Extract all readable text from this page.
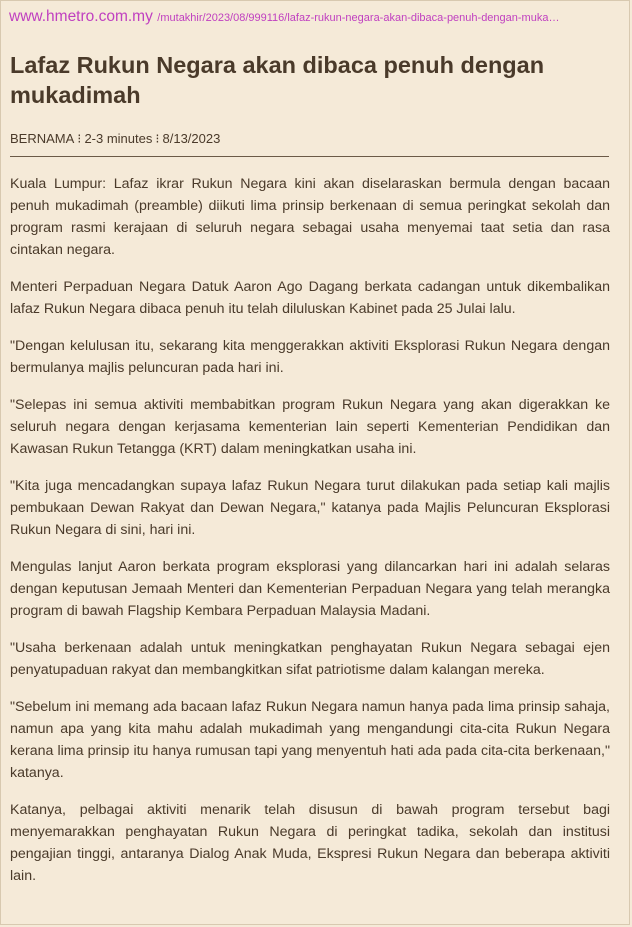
www.hmetro.com.my /mutakhir/2023/08/999116/lafaz-rukun-negara-akan-dibaca-penuh-dengan-muka…
Lafaz Rukun Negara akan dibaca penuh dengan mukadimah
BERNAMA ⁝ 2-3 minutes ⁝ 8/13/2023

Kuala Lumpur: Lafaz ikrar Rukun Negara kini akan diselaraskan bermula dengan bacaan penuh mukadimah (preamble) diikuti lima prinsip berkenaan di semua peringkat sekolah dan program rasmi kerajaan di seluruh negara sebagai usaha menyemai taat setia dan rasa cintakan negara.

Menteri Perpaduan Negara Datuk Aaron Ago Dagang berkata cadangan untuk dikembalikan lafaz Rukun Negara dibaca penuh itu telah diluluskan Kabinet pada 25 Julai lalu.

"Dengan kelulusan itu, sekarang kita menggerakkan aktiviti Eksplorasi Rukun Negara dengan bermulanya majlis peluncuran pada hari ini.

"Selepas ini semua aktiviti membabitkan program Rukun Negara yang akan digerakkan ke seluruh negara dengan kerjasama kementerian lain seperti Kementerian Pendidikan dan Kawasan Rukun Tetangga (KRT) dalam meningkatkan usaha ini.

"Kita juga mencadangkan supaya lafaz Rukun Negara turut dilakukan pada setiap kali majlis pembukaan Dewan Rakyat dan Dewan Negara," katanya pada Majlis Peluncuran Eksplorasi Rukun Negara di sini, hari ini.

Mengulas lanjut Aaron berkata program eksplorasi yang dilancarkan hari ini adalah selaras dengan keputusan Jemaah Menteri dan Kementerian Perpaduan Negara yang telah merangka program di bawah Flagship Kembara Perpaduan Malaysia Madani.

"Usaha berkenaan adalah untuk meningkatkan penghayatan Rukun Negara sebagai ejen penyatupaduan rakyat dan membangkitkan sifat patriotisme dalam kalangan mereka.

"Sebelum ini memang ada bacaan lafaz Rukun Negara namun hanya pada lima prinsip sahaja, namun apa yang kita mahu adalah mukadimah yang mengandungi cita-cita Rukun Negara kerana lima prinsip itu hanya rumusan tapi yang menyentuh hati ada pada cita-cita berkenaan," katanya.

Katanya, pelbagai aktiviti menarik telah disusun di bawah program tersebut bagi menyemarakkan penghayatan Rukun Negara di peringkat tadika, sekolah dan institusi pengajian tinggi, antaranya Dialog Anak Muda, Ekspresi Rukun Negara dan beberapa aktiviti lain.
